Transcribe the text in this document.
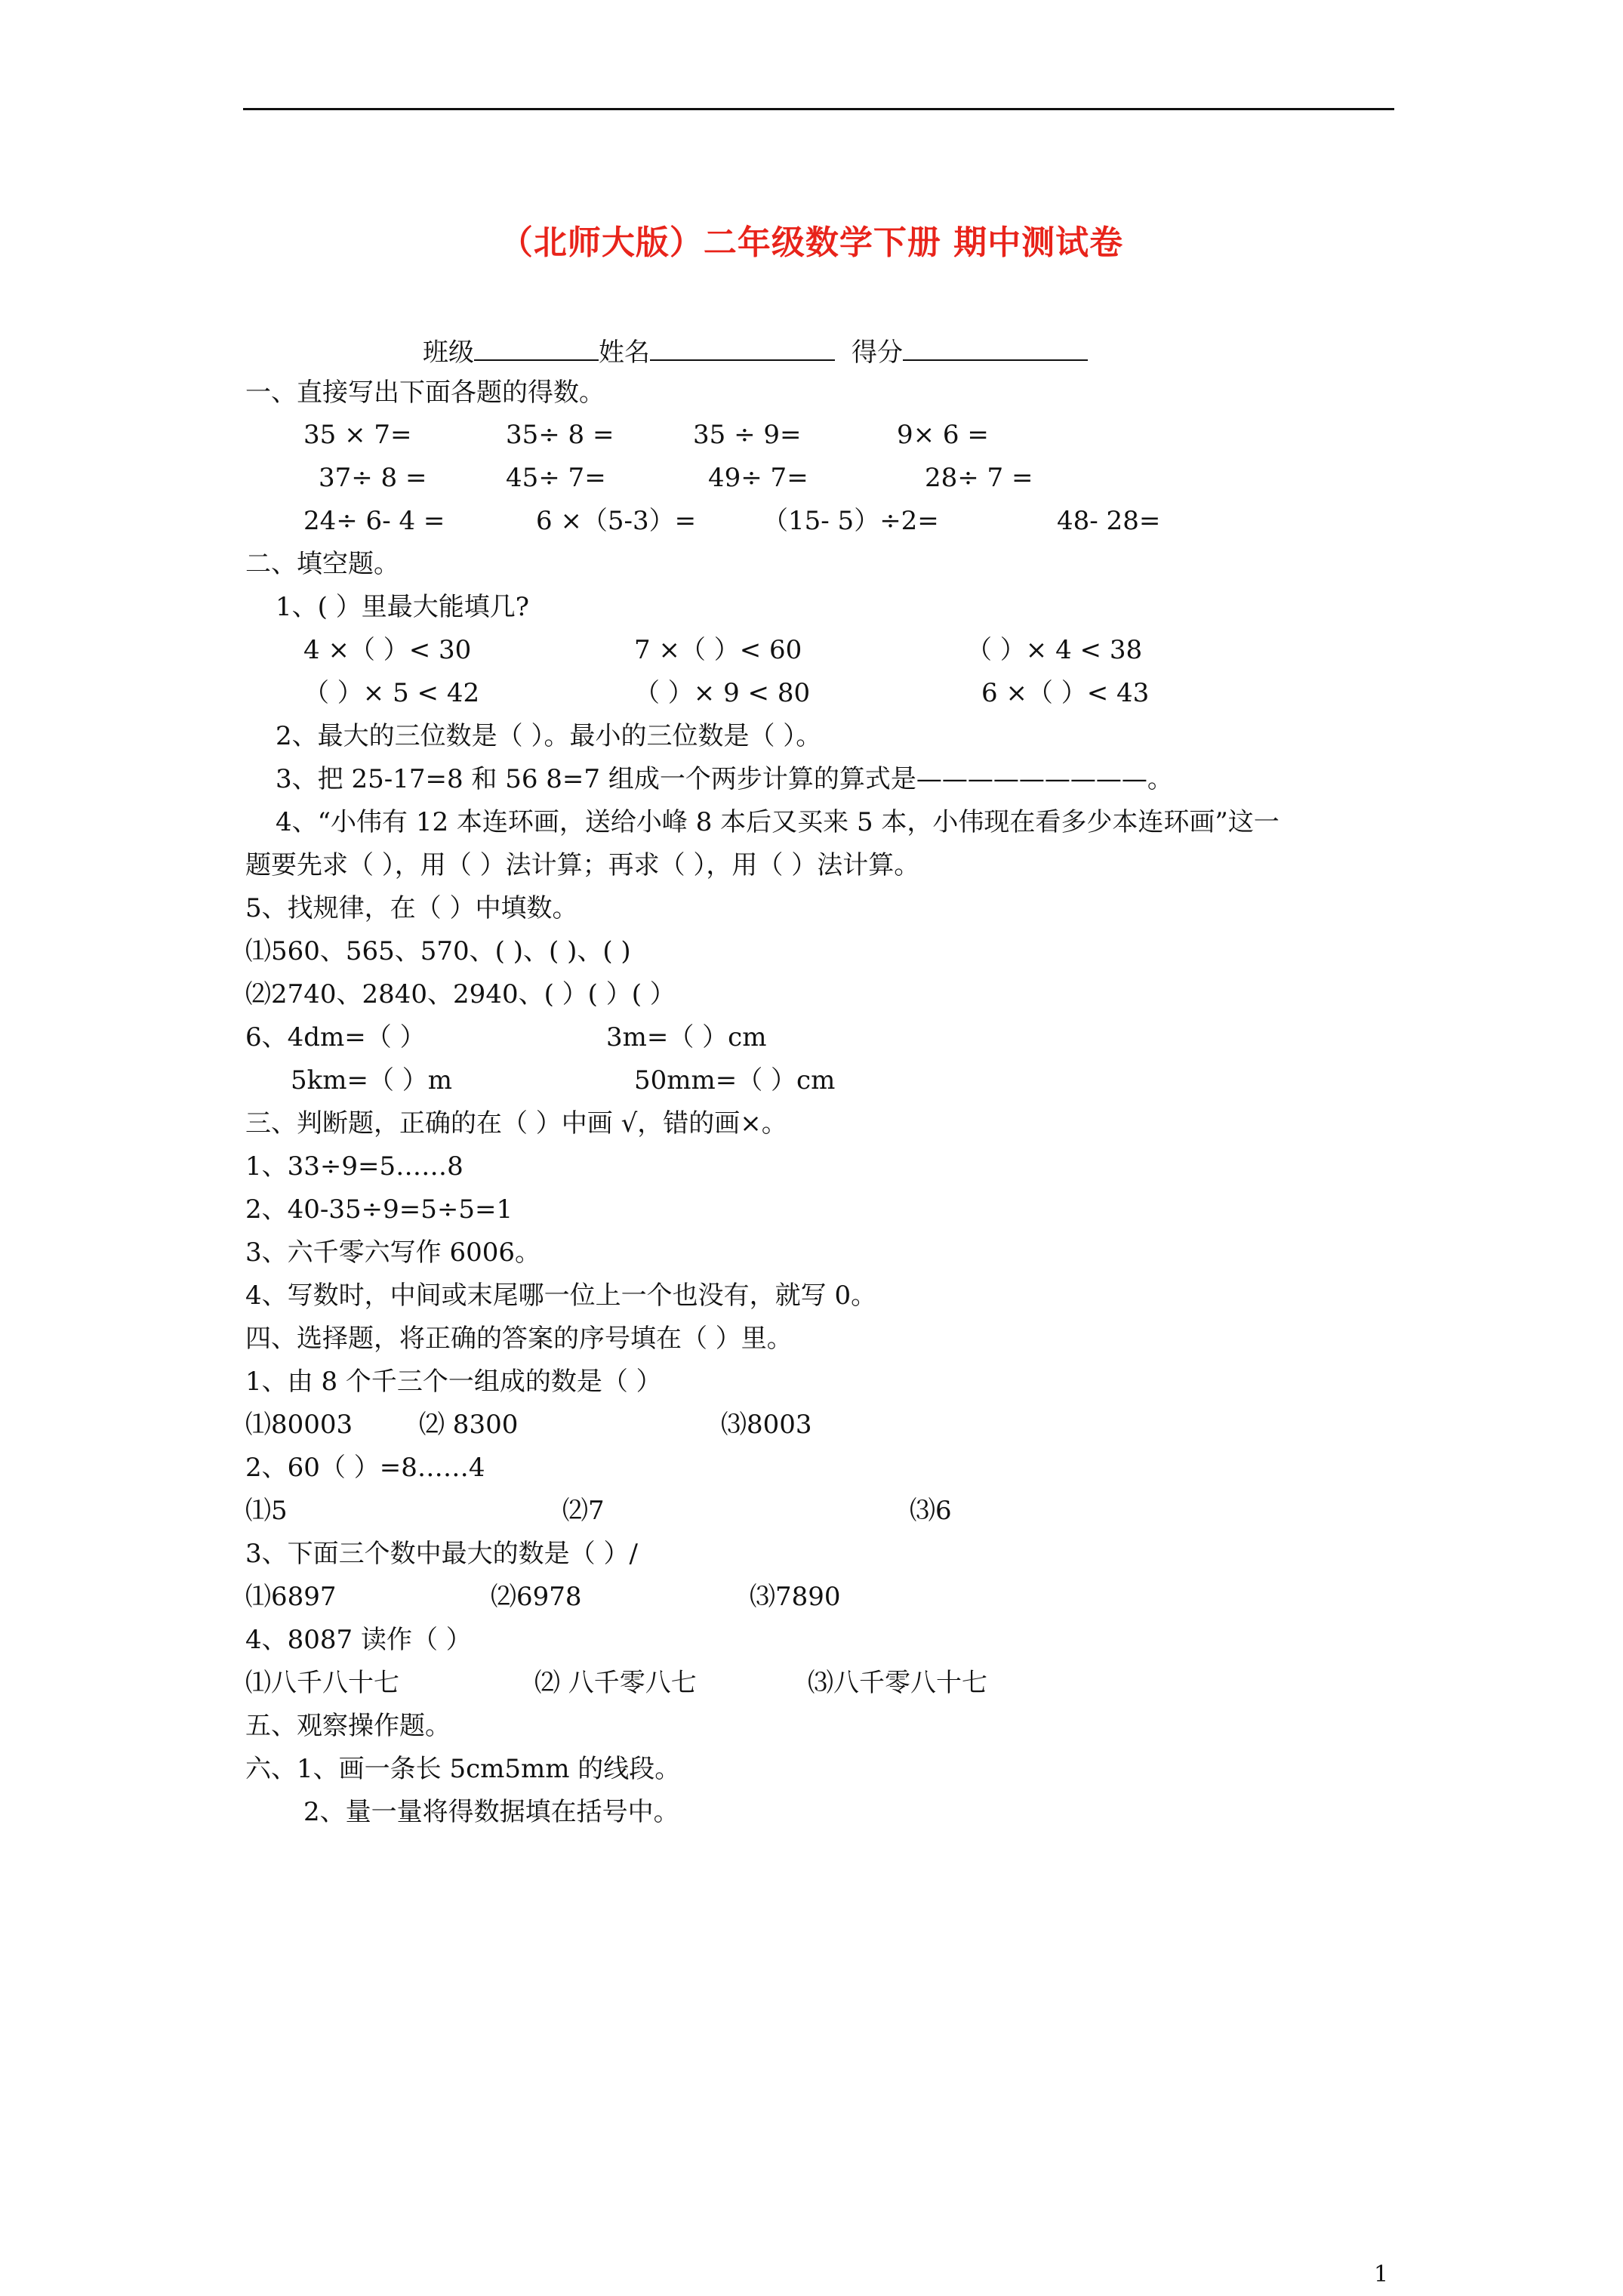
（北师大版）二年级数学下册 期中测试卷
班级	姓名	得分
一、直接写出下面各题的得数。
35 × 7=	35÷ 8 =	35 ÷ 9=	9× 6 =
37÷ 8 =	45÷ 7=	49÷ 7=	28÷ 7 =
24÷ 6- 4 =	6 ×（5-3）=	（15- 5）÷2=	48- 28=
二、填空题。
1、( ）里最大能填几?
4 ×（ ）< 30	7 ×（ ）< 60	（ ）× 4 < 38
（ ）× 5 < 42	（ ）× 9 < 80	6 ×（ ）< 43
2、最大的三位数是（ ）。最小的三位数是（ ）。
3、把 25-17=8 和 56 8=7 组成一个两步计算的算式是—————————。
4、“小伟有 12 本连环画，送给小峰 8 本后又买来 5 本，小伟现在看多少本连环画”这一
题要先求（ ），用（ ）法计算；再求（ ），用（ ）法计算。
5、找规律，在（ ）中填数。
⑴560、565、570、( )、( )、( )
⑵2740、2840、2940、( ）( ）( ）
6、4dm=（ ）	3m=（ ）cm
5km=（ ）m	50mm=（ ）cm
三、判断题，正确的在（ ）中画 √，错的画×。
1、33÷9=5……8
2、40-35÷9=5÷5=1
3、六千零六写作 6006。
4、写数时，中间或末尾哪一位上一个也没有，就写 0。
四、选择题，将正确的答案的序号填在（ ）里。
1、由 8 个千三个一组成的数是（ ）
⑴80003	⑵ 8300	⑶8003
2、60（ ）=8……4
⑴5	⑵7	⑶6
3、下面三个数中最大的数是（ ）/
⑴6897	⑵6978	⑶7890
4、8087 读作（ ）
⑴八千八十七	⑵ 八千零八七	⑶八千零八十七
五、观察操作题。
六、1、画一条长 5cm5mm 的线段。
2、量一量将得数据填在括号中。
1
